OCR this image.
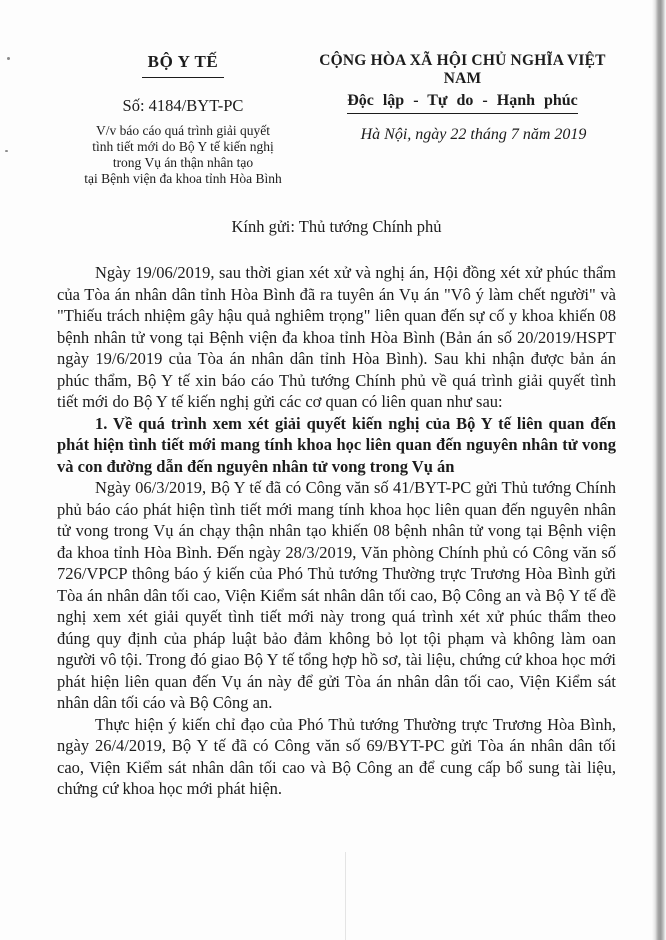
BỘ Y TẾ
Số: 4184/BYT-PC
V/v báo cáo quá trình giải quyết
tình tiết mới do Bộ Y tế kiến nghị
trong Vụ án thận nhân tạo
tại Bệnh viện đa khoa tỉnh Hòa Bình
CỘNG HÒA XÃ HỘI CHỦ NGHĨA VIỆT NAM
Độc lập - Tự do - Hạnh phúc
Hà Nội, ngày 22 tháng 7 năm 2019
Kính gửi: Thủ tướng Chính phủ

Ngày 19/06/2019, sau thời gian xét xử và nghị án, Hội đồng xét xử phúc thẩm của Tòa án nhân dân tỉnh Hòa Bình đã ra tuyên án Vụ án "Vô ý làm chết người" và "Thiếu trách nhiệm gây hậu quả nghiêm trọng" liên quan đến sự cố y khoa khiến 08 bệnh nhân tử vong tại Bệnh viện đa khoa tỉnh Hòa Bình (Bản án số 20/2019/HSPT ngày 19/6/2019 của Tòa án nhân dân tỉnh Hòa Bình). Sau khi nhận được bản án phúc thẩm, Bộ Y tế xin báo cáo Thủ tướng Chính phủ về quá trình giải quyết tình tiết mới do Bộ Y tế kiến nghị gửi các cơ quan có liên quan như sau:

1. Về quá trình xem xét giải quyết kiến nghị của Bộ Y tế liên quan đến phát hiện tình tiết mới mang tính khoa học liên quan đến nguyên nhân tử vong và con đường dẫn đến nguyên nhân tử vong trong Vụ án

Ngày 06/3/2019, Bộ Y tế đã có Công văn số 41/BYT-PC gửi Thủ tướng Chính phủ báo cáo phát hiện tình tiết mới mang tính khoa học liên quan đến nguyên nhân tử vong trong Vụ án chạy thận nhân tạo khiến 08 bệnh nhân tử vong tại Bệnh viện đa khoa tỉnh Hòa Bình. Đến ngày 28/3/2019, Văn phòng Chính phủ có Công văn số 726/VPCP thông báo ý kiến của Phó Thủ tướng Thường trực Trương Hòa Bình gửi Tòa án nhân dân tối cao, Viện Kiểm sát nhân dân tối cao, Bộ Công an và Bộ Y tế đề nghị xem xét giải quyết tình tiết mới này trong quá trình xét xử phúc thẩm theo đúng quy định của pháp luật bảo đảm không bỏ lọt tội phạm và không làm oan người vô tội. Trong đó giao Bộ Y tế tổng hợp hồ sơ, tài liệu, chứng cứ khoa học mới phát hiện liên quan đến Vụ án này để gửi Tòa án nhân dân tối cao, Viện Kiểm sát nhân dân tối cáo và Bộ Công an.

Thực hiện ý kiến chỉ đạo của Phó Thủ tướng Thường trực Trương Hòa Bình, ngày 26/4/2019, Bộ Y tế đã có Công văn số 69/BYT-PC gửi Tòa án nhân dân tối cao, Viện Kiểm sát nhân dân tối cao và Bộ Công an để cung cấp bổ sung tài liệu, chứng cứ khoa học mới phát hiện.
